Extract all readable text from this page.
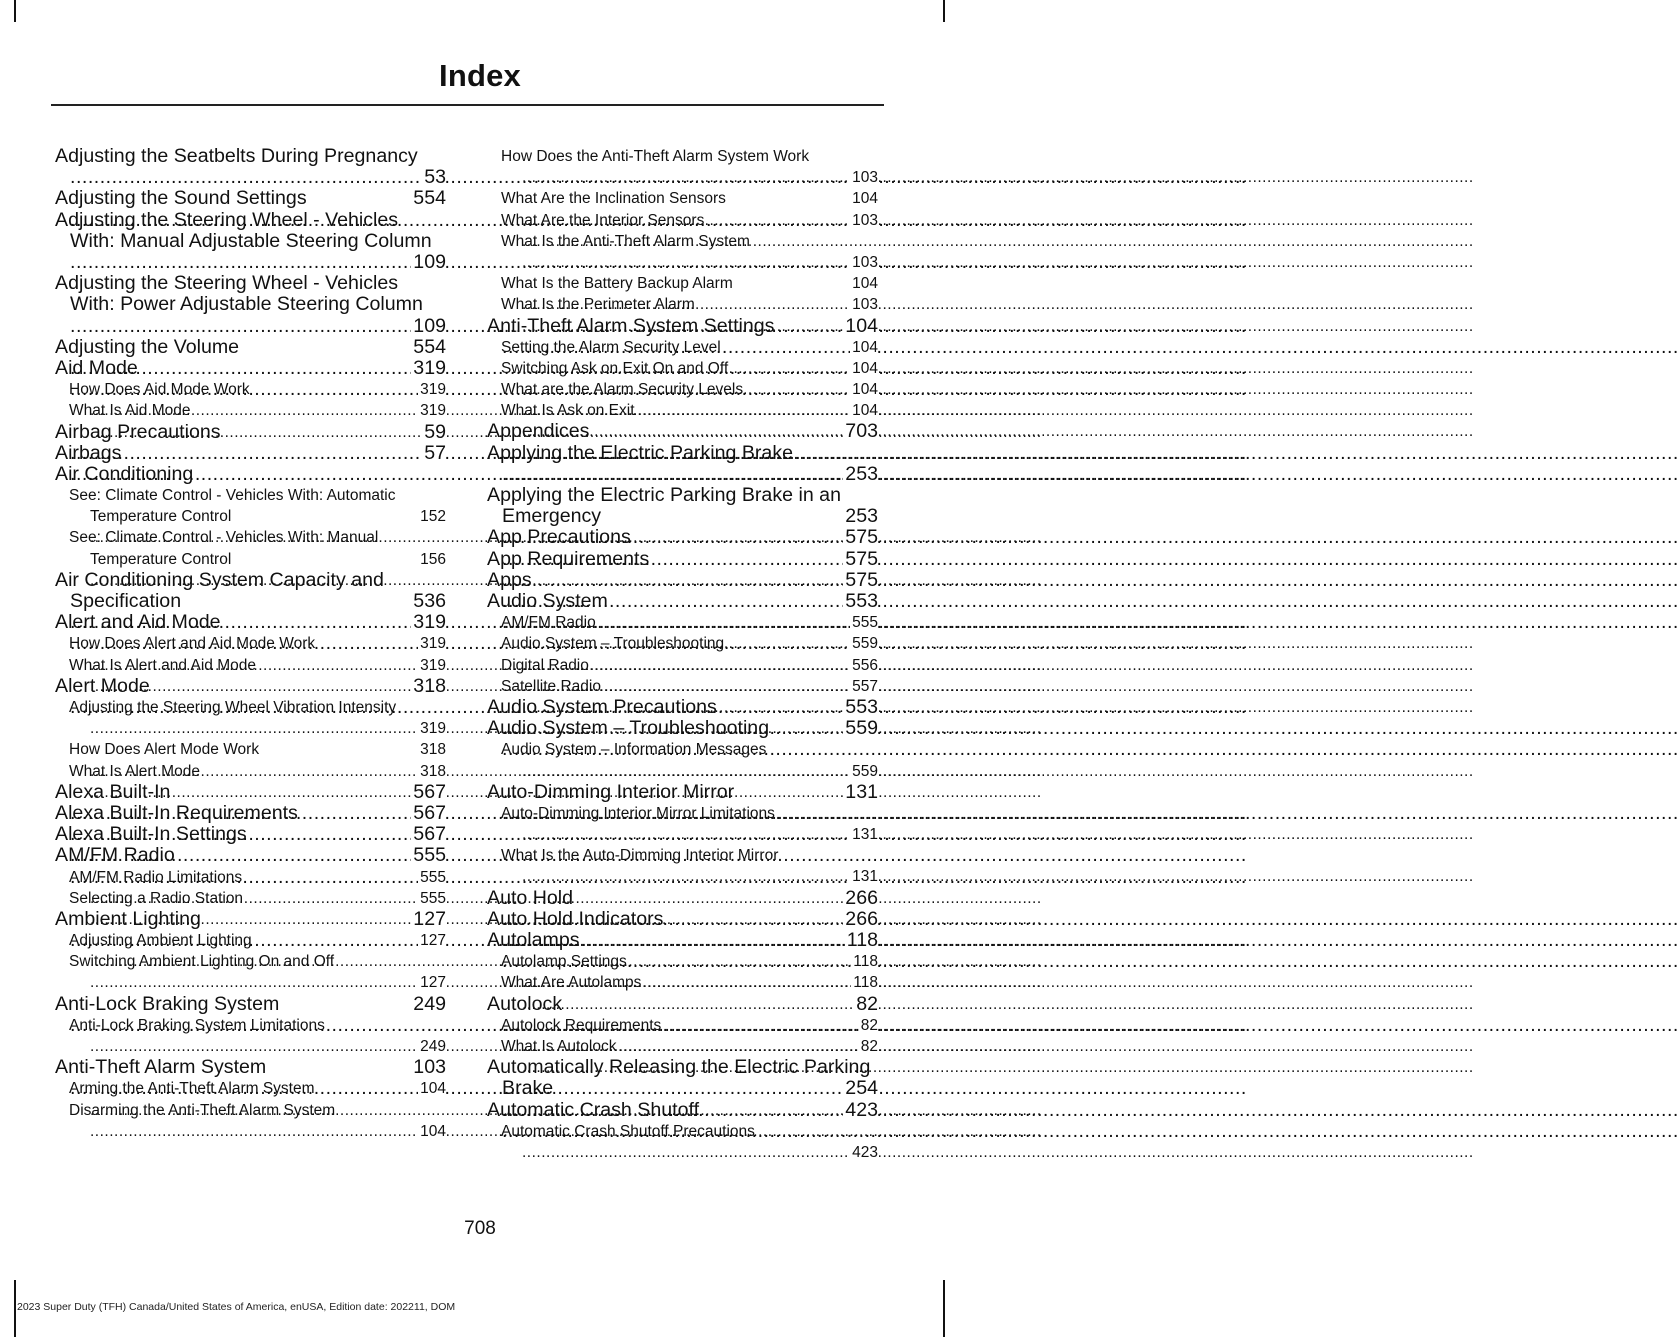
Index
Adjusting the Seatbelts During Pregnancy .....
53
Adjusting the Sound Settings .....	554
Adjusting the Steering Wheel - Vehicles With: Manual Adjustable Steering Column .....
109
Adjusting the Steering Wheel - Vehicles With: Power Adjustable Steering Column .....
109
Adjusting the Volume .....	554
Aid Mode .....	319
How Does Aid Mode Work .....	319
What Is Aid Mode .....	319
Airbag Precautions .....	59
Airbags .....	57
Air Conditioning
See: Climate Control - Vehicles With: Automatic Temperature Control .....	152
See: Climate Control - Vehicles With: Manual Temperature Control .....	156
Air Conditioning System Capacity and Specification .....	536
Alert and Aid Mode .....	319
How Does Alert and Aid Mode Work .....	319
What Is Alert and Aid Mode .....	319
Alert Mode .....	318
Adjusting the Steering Wheel Vibration Intensity .....
319
How Does Alert Mode Work .....	318
What Is Alert Mode .....	318
Alexa Built-In .....	567
Alexa Built-In Requirements .....	567
Alexa Built-In Settings .....	567
AM/FM Radio .....	555
AM/FM Radio Limitations .....	555
Selecting a Radio Station .....	555
Ambient Lighting .....	127
Adjusting Ambient Lighting .....	127
Switching Ambient Lighting On and Off .....
127
Anti-Lock Braking System .....	249
Anti-Lock Braking System Limitations .....
249
Anti-Theft Alarm System .....	103
Arming the Anti-Theft Alarm System .....	104
Disarming the Anti-Theft Alarm System .....
104
How Does the Anti-Theft Alarm System Work .....
103
What Are the Inclination Sensors .....	104
What Are the Interior Sensors .....	103
What Is the Anti-Theft Alarm System .....
103
What Is the Battery Backup Alarm .....	104
What Is the Perimeter Alarm .....	103
Anti-Theft Alarm System Settings .....	104
Setting the Alarm Security Level .....	104
Switching Ask on Exit On and Off .....	104
What are the Alarm Security Levels .....	104
What Is Ask on Exit .....	104
Appendices .....	703
Applying the Electric Parking Brake .....
253
Applying the Electric Parking Brake in an Emergency .....	253
App Precautions .....	575
App Requirements .....	575
Apps .....	575
Audio System .....	553
AM/FM Radio .....	555
Audio System – Troubleshooting .....	559
Digital Radio .....	556
Satellite Radio .....	557
Audio System Precautions .....	553
Audio System – Troubleshooting .....	559
Audio System – Information Messages .....
559
Auto-Dimming Interior Mirror .....	131
Auto-Dimming Interior Mirror Limitations .....
131
What Is the Auto-Dimming Interior Mirror .....
131
Auto Hold .....	266
Auto Hold Indicators .....	266
Autolamps .....	118
Autolamp Settings .....	118
What Are Autolamps .....	118
Autolock .....	82
Autolock Requirements .....	82
What Is Autolock .....	82
Automatically Releasing the Electric Parking Brake .....	254
Automatic Crash Shutoff .....	423
Automatic Crash Shutoff Precautions .....
423
708
2023 Super Duty (TFH) Canada/United States of America, enUSA, Edition date: 202211, DOM
